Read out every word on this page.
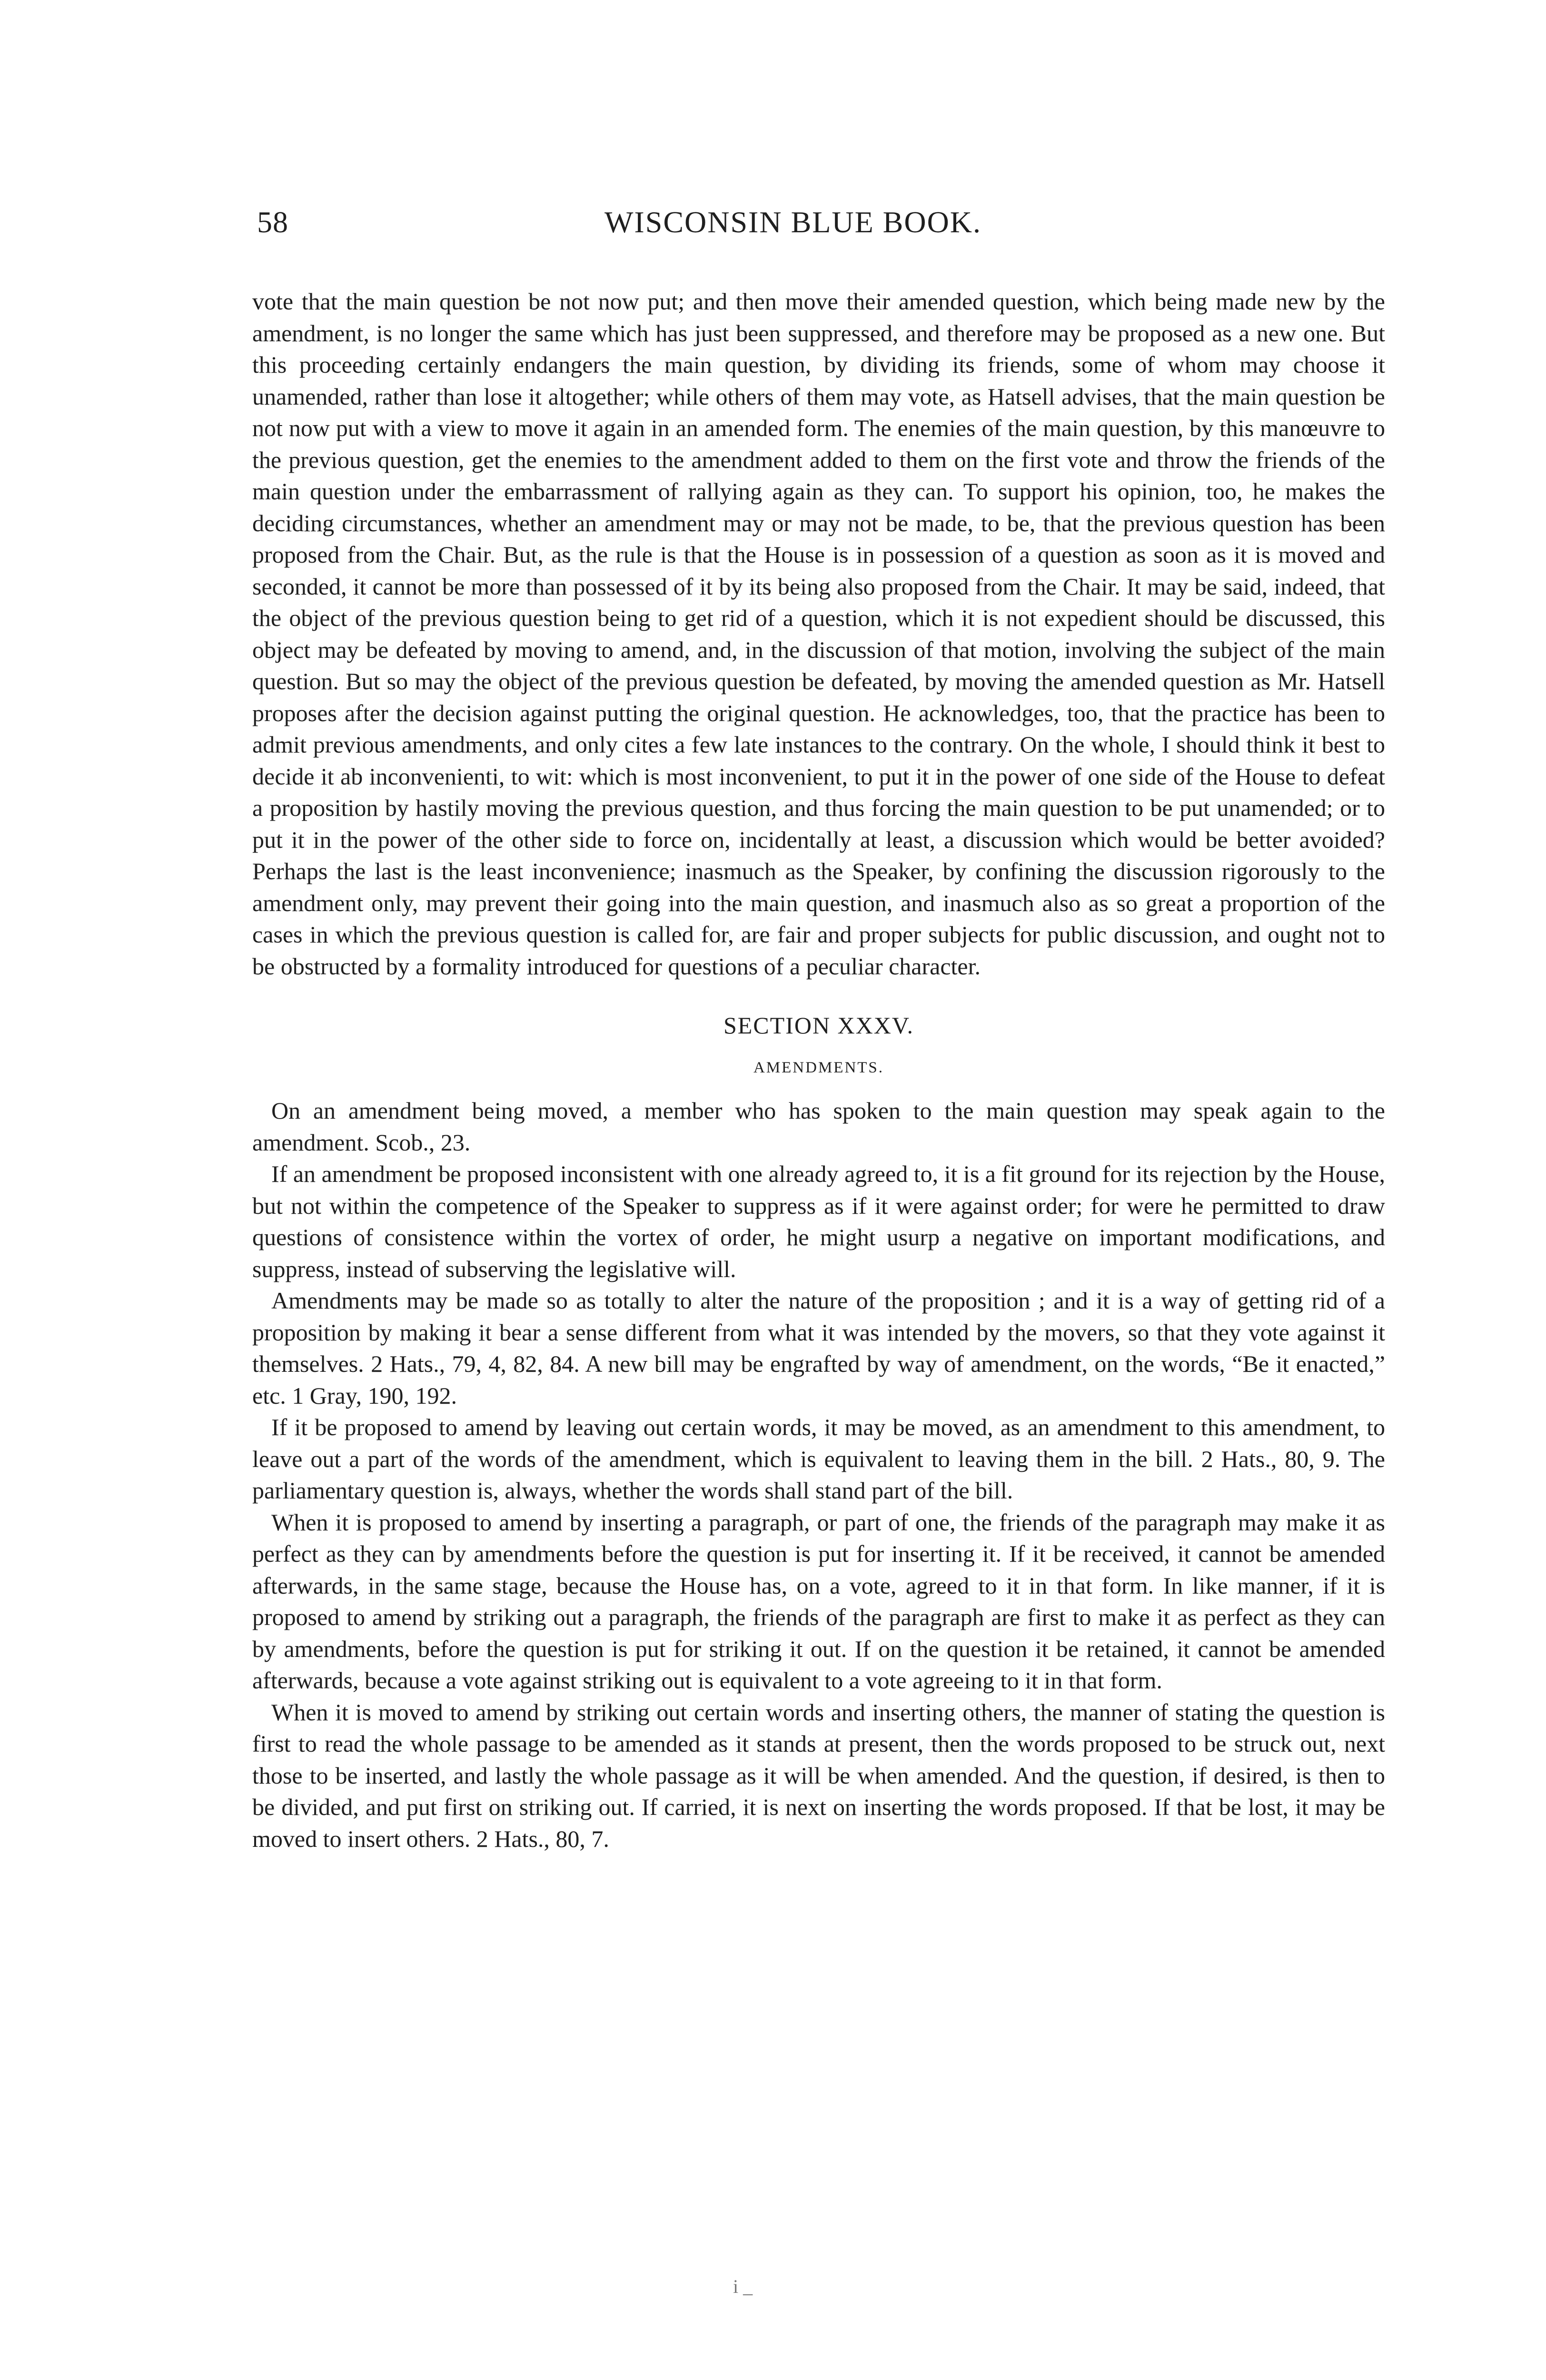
58	WISCONSIN BLUE BOOK.

vote that the main question be not now put; and then move their amended question, which being made new by the amendment, is no longer the same which has just been suppressed, and therefore may be proposed as a new one. But this proceeding certainly endangers the main question, by dividing its friends, some of whom may choose it unamended, rather than lose it altogether; while others of them may vote, as Hatsell advises, that the main question be not now put with a view to move it again in an amended form. The enemies of the main question, by this manœuvre to the previous question, get the enemies to the amendment added to them on the first vote and throw the friends of the main question under the embarrassment of rallying again as they can. To support his opinion, too, he makes the deciding circumstances, whether an amendment may or may not be made, to be, that the previous question has been proposed from the Chair. But, as the rule is that the House is in possession of a question as soon as it is moved and seconded, it cannot be more than possessed of it by its being also proposed from the Chair. It may be said, indeed, that the object of the previous question being to get rid of a question, which it is not expedient should be discussed, this object may be defeated by moving to amend, and, in the discussion of that motion, involving the subject of the main question. But so may the object of the previous question be defeated, by moving the amended question as Mr. Hatsell proposes after the decision against putting the original question. He acknowledges, too, that the practice has been to admit previous amendments, and only cites a few late instances to the contrary. On the whole, I should think it best to decide it ab inconvenienti, to wit: which is most inconvenient, to put it in the power of one side of the House to defeat a proposition by hastily moving the previous question, and thus forcing the main question to be put unamended; or to put it in the power of the other side to force on, incidentally at least, a discussion which would be better avoided? Perhaps the last is the least inconvenience; inasmuch as the Speaker, by confining the discussion rigorously to the amendment only, may prevent their going into the main question, and inasmuch also as so great a proportion of the cases in which the previous question is called for, are fair and proper subjects for public discussion, and ought not to be obstructed by a formality introduced for questions of a peculiar character.

SECTION XXXV.

AMENDMENTS.

On an amendment being moved, a member who has spoken to the main question may speak again to the amendment. Scob., 23.

If an amendment be proposed inconsistent with one already agreed to, it is a fit ground for its rejection by the House, but not within the competence of the Speaker to suppress as if it were against order; for were he permitted to draw questions of consistence within the vortex of order, he might usurp a negative on important modifications, and suppress, instead of subserving the legislative will.

Amendments may be made so as totally to alter the nature of the proposition ; and it is a way of getting rid of a proposition by making it bear a sense different from what it was intended by the movers, so that they vote against it themselves. 2 Hats., 79, 4, 82, 84. A new bill may be engrafted by way of amendment, on the words, “Be it enacted,” etc. 1 Gray, 190, 192.

If it be proposed to amend by leaving out certain words, it may be moved, as an amendment to this amendment, to leave out a part of the words of the amendment, which is equivalent to leaving them in the bill. 2 Hats., 80, 9. The parliamentary question is, always, whether the words shall stand part of the bill.

When it is proposed to amend by inserting a paragraph, or part of one, the friends of the paragraph may make it as perfect as they can by amendments before the question is put for inserting it. If it be received, it cannot be amended afterwards, in the same stage, because the House has, on a vote, agreed to it in that form. In like manner, if it is proposed to amend by striking out a paragraph, the friends of the paragraph are first to make it as perfect as they can by amendments, before the question is put for striking it out. If on the question it be retained, it cannot be amended afterwards, because a vote against striking out is equivalent to a vote agreeing to it in that form.

When it is moved to amend by striking out certain words and inserting others, the manner of stating the question is first to read the whole passage to be amended as it stands at present, then the words proposed to be struck out, next those to be inserted, and lastly the whole passage as it will be when amended. And the question, if desired, is then to be divided, and put first on striking out. If carried, it is next on inserting the words proposed. If that be lost, it may be moved to insert others. 2 Hats., 80, 7.

i _
